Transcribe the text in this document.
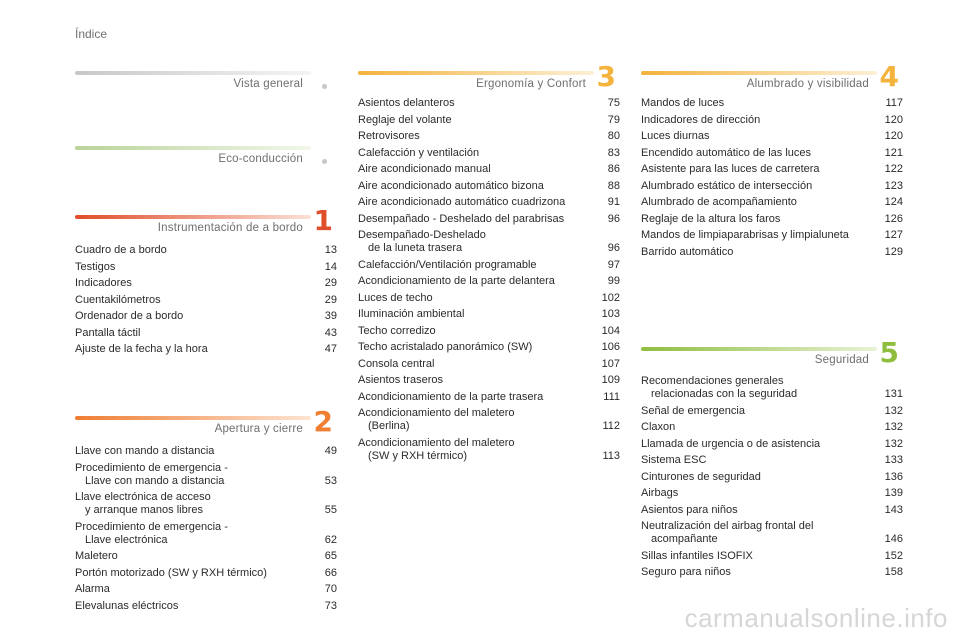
Índice
Vista general
Eco-conducción
Instrumentación de a bordo 1
Cuadro de a bordo	13
Testigos	14
Indicadores	29
Cuentakilómetros	29
Ordenador de a bordo	39
Pantalla táctil	43
Ajuste de la fecha y la hora	47
Apertura y cierre 2
Llave con mando a distancia	49
Procedimiento de emergencia -
Llave con mando a distancia	53
Llave electrónica de acceso
y arranque manos libres	55
Procedimiento de emergencia -
Llave electrónica	62
Maletero	65
Portón motorizado (SW y RXH térmico)	66
Alarma	70
Elevalunas eléctricos	73
Ergonomía y Confort 3
Asientos delanteros	75
Reglaje del volante	79
Retrovisores	80
Calefacción y ventilación	83
Aire acondicionado manual	86
Aire acondicionado automático bizona	88
Aire acondicionado automático cuadrizona	91
Desempañado - Deshelado del parabrisas	96
Desempañado-Deshelado
de la luneta trasera	96
Calefacción/Ventilación programable	97
Acondicionamiento de la parte delantera	99
Luces de techo	102
Iluminación ambiental	103
Techo corredizo	104
Techo acristalado panorámico (SW)	106
Consola central	107
Asientos traseros	109
Acondicionamiento de la parte trasera	111
Acondicionamiento del maletero
(Berlina)	112
Acondicionamiento del maletero
(SW y RXH térmico)	113
Alumbrado y visibilidad 4
Mandos de luces	117
Indicadores de dirección	120
Luces diurnas	120
Encendido automático de las luces	121
Asistente para las luces de carretera	122
Alumbrado estático de intersección	123
Alumbrado de acompañamiento	124
Reglaje de la altura los faros	126
Mandos de limpiaparabrisas y limpialuneta	127
Barrido automático	129
Seguridad 5
Recomendaciones generales
relacionadas con la seguridad	131
Señal de emergencia	132
Claxon	132
Llamada de urgencia o de asistencia	132
Sistema ESC	133
Cinturones de seguridad	136
Airbags	139
Asientos para niños	143
Neutralización del airbag frontal del
acompañante	146
Sillas infantiles ISOFIX	152
Seguro para niños	158
carmanualsonline.info
